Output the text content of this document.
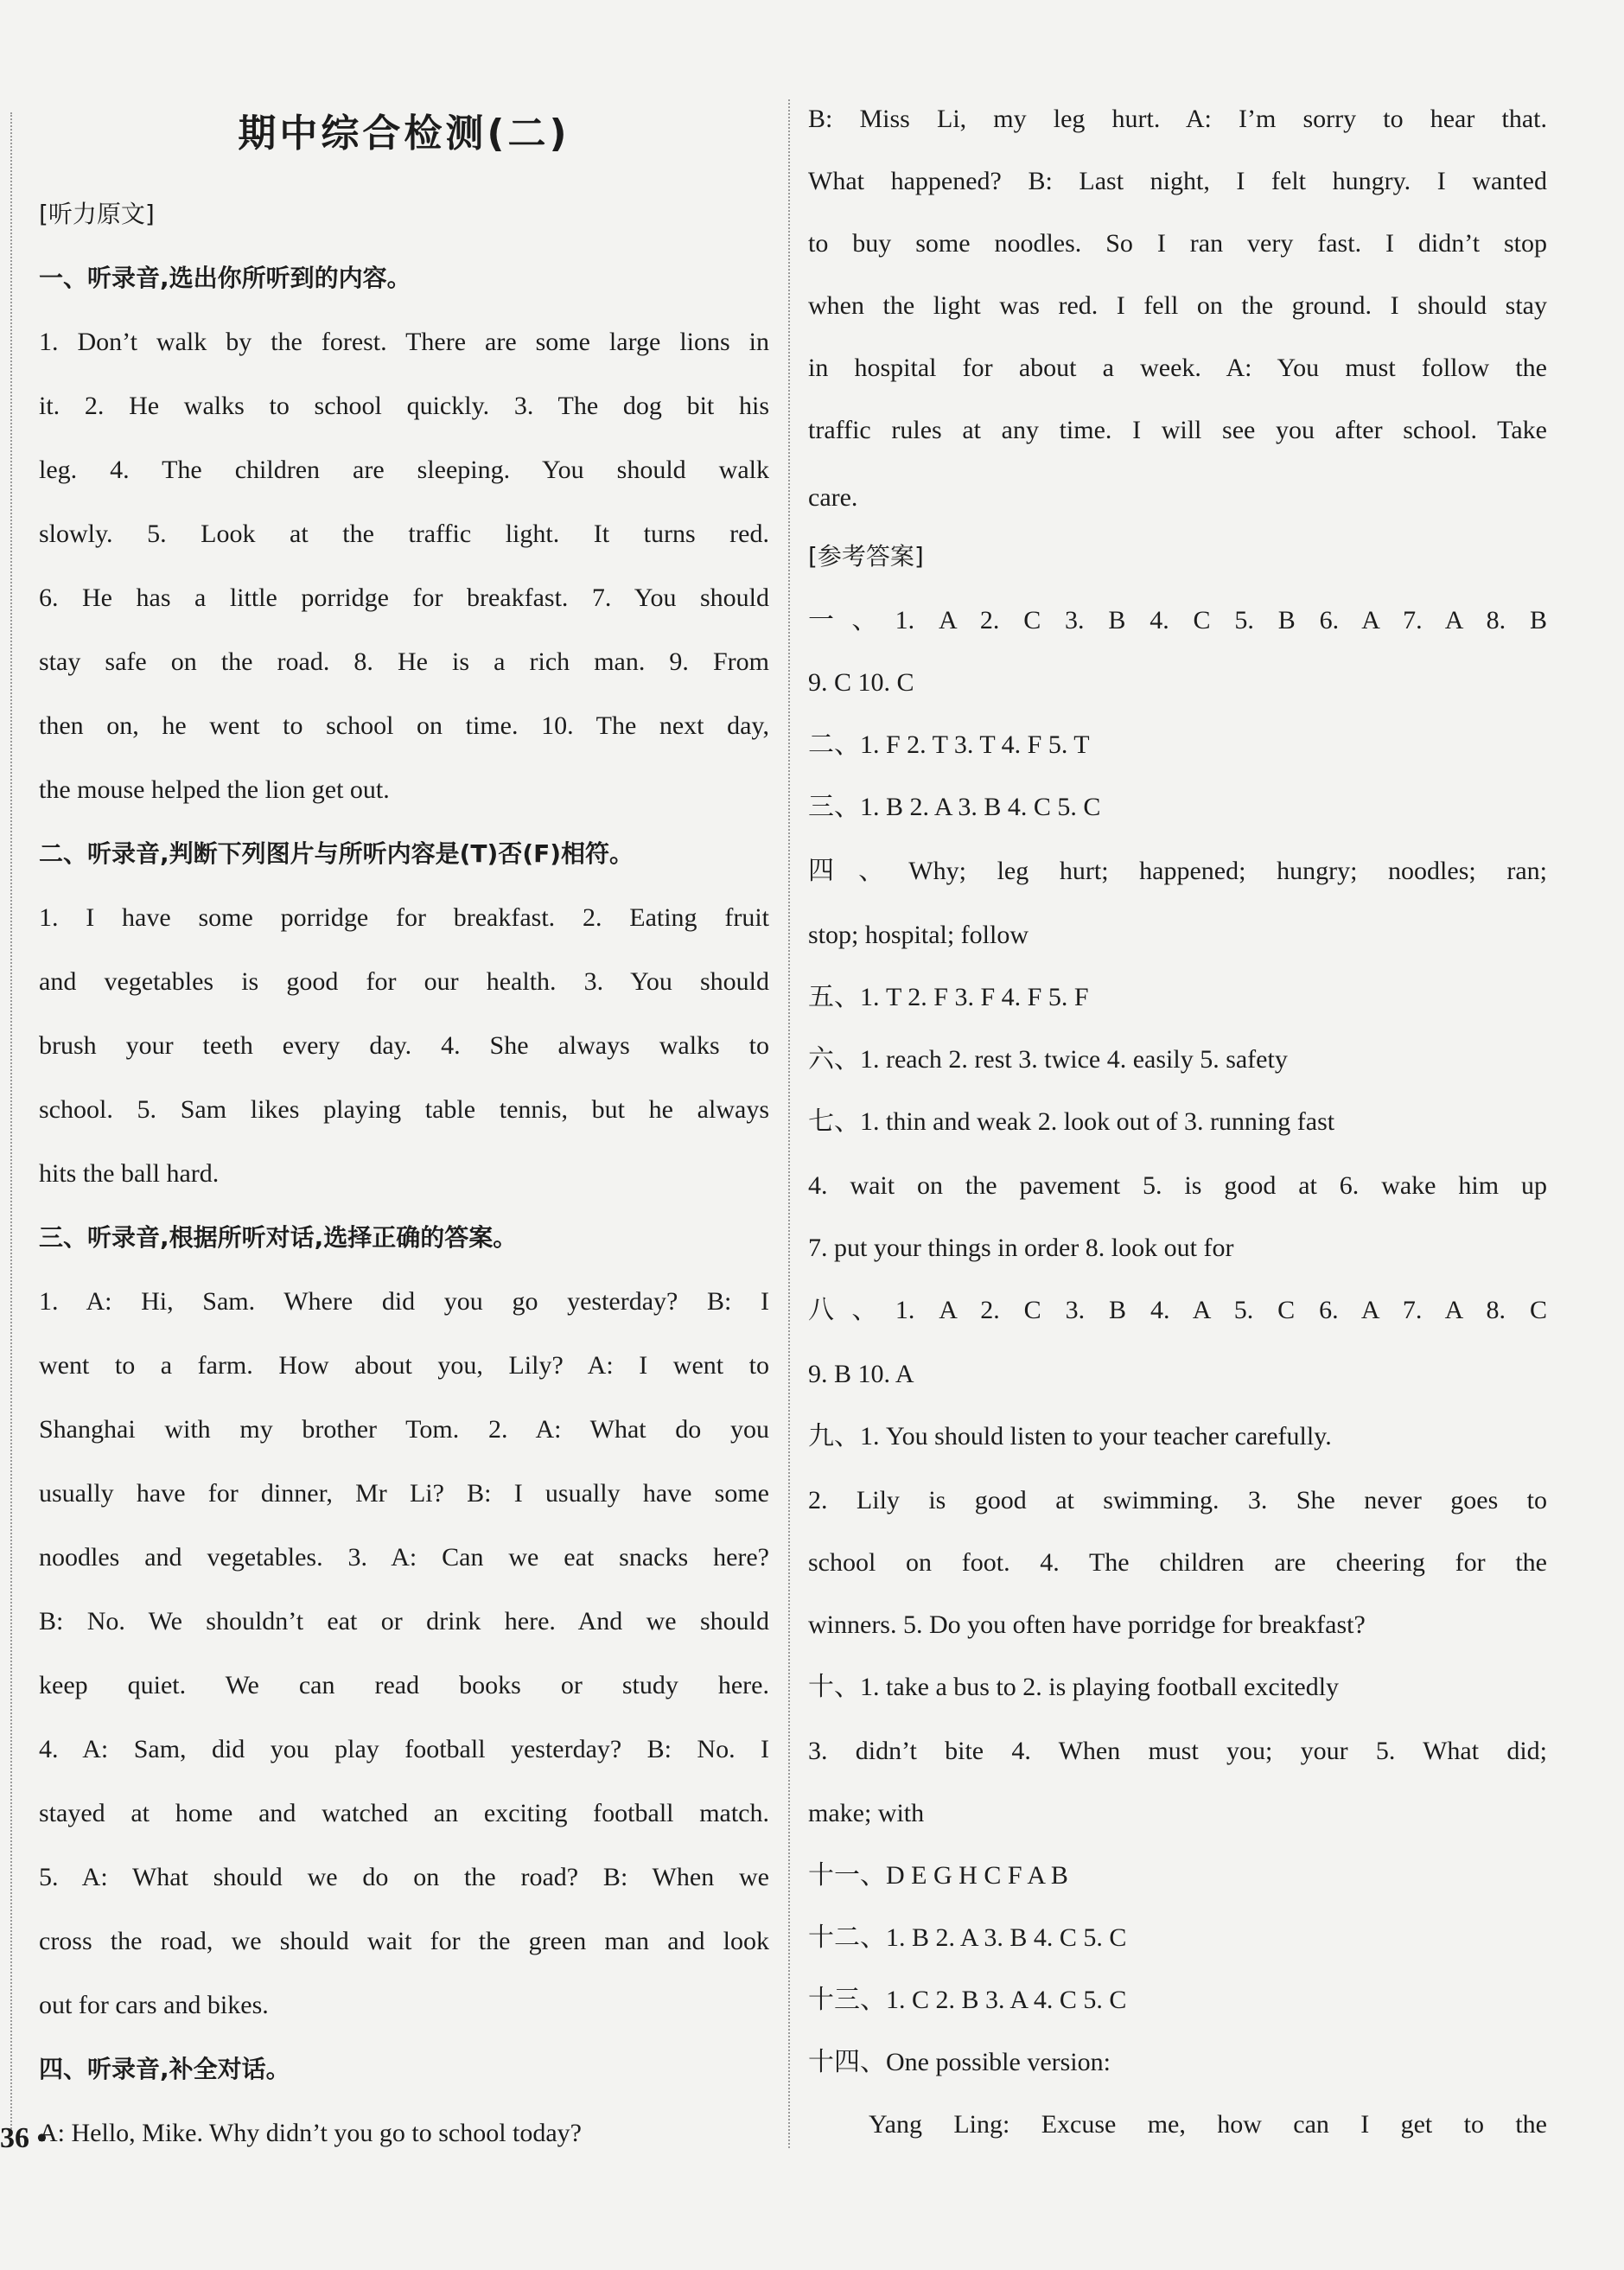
期中综合检测(二)
[听力原文]
一、听录音,选出你所听到的内容。
1. Don’t walk by the forest. There are some large lions in
it. 2. He walks to school quickly. 3. The dog bit his
leg. 4. The children are sleeping. You should walk
slowly. 5. Look at the traffic light. It turns red.
6. He has a little porridge for breakfast. 7. You should
stay safe on the road. 8. He is a rich man. 9. From
then on, he went to school on time. 10. The next day,
the mouse helped the lion get out.
二、听录音,判断下列图片与所听内容是(T)否(F)相符。
1. I have some porridge for breakfast. 2. Eating fruit
and vegetables is good for our health. 3. You should
brush your teeth every day. 4. She always walks to
school. 5. Sam likes playing table tennis, but he always
hits the ball hard.
三、听录音,根据所听对话,选择正确的答案。
1. A: Hi, Sam. Where did you go yesterday? B: I
went to a farm. How about you, Lily? A: I went to
Shanghai with my brother Tom. 2. A: What do you
usually have for dinner, Mr Li? B: I usually have some
noodles and vegetables. 3. A: Can we eat snacks here?
B: No. We shouldn’t eat or drink here. And we should
keep quiet. We can read books or study here.
4. A: Sam, did you play football yesterday? B: No. I
stayed at home and watched an exciting football match.
5. A: What should we do on the road? B: When we
cross the road, we should wait for the green man and look
out for cars and bikes.
四、听录音,补全对话。
A: Hello, Mike. Why didn’t you go to school today?
36 •
B: Miss Li, my leg hurt. A: I’m sorry to hear that.
What happened? B: Last night, I felt hungry. I wanted
to buy some noodles. So I ran very fast. I didn’t stop
when the light was red. I fell on the ground. I should stay
in hospital for about a week. A: You must follow the
traffic rules at any time. I will see you after school. Take
care.
[参考答案]
一、1. A 2. C 3. B 4. C 5. B 6. A 7. A 8. B
9. C 10. C
二、1. F 2. T 3. T 4. F 5. T
三、1. B 2. A 3. B 4. C 5. C
四、Why; leg hurt; happened; hungry; noodles; ran;
stop; hospital; follow
五、1. T 2. F 3. F 4. F 5. F
六、1. reach 2. rest 3. twice 4. easily 5. safety
七、1. thin and weak 2. look out of 3. running fast
4. wait on the pavement 5. is good at 6. wake him up
7. put your things in order 8. look out for
八、1. A 2. C 3. B 4. A 5. C 6. A 7. A 8. C
9. B 10. A
九、1. You should listen to your teacher carefully.
2. Lily is good at swimming. 3. She never goes to
school on foot. 4. The children are cheering for the
winners. 5. Do you often have porridge for breakfast?
十、1. take a bus to 2. is playing football excitedly
3. didn’t bite 4. When must you; your 5. What did;
make; with
十一、D E G H C F A B
十二、1. B 2. A 3. B 4. C 5. C
十三、1. C 2. B 3. A 4. C 5. C
十四、One possible version:
Yang Ling: Excuse me, how can I get to the
